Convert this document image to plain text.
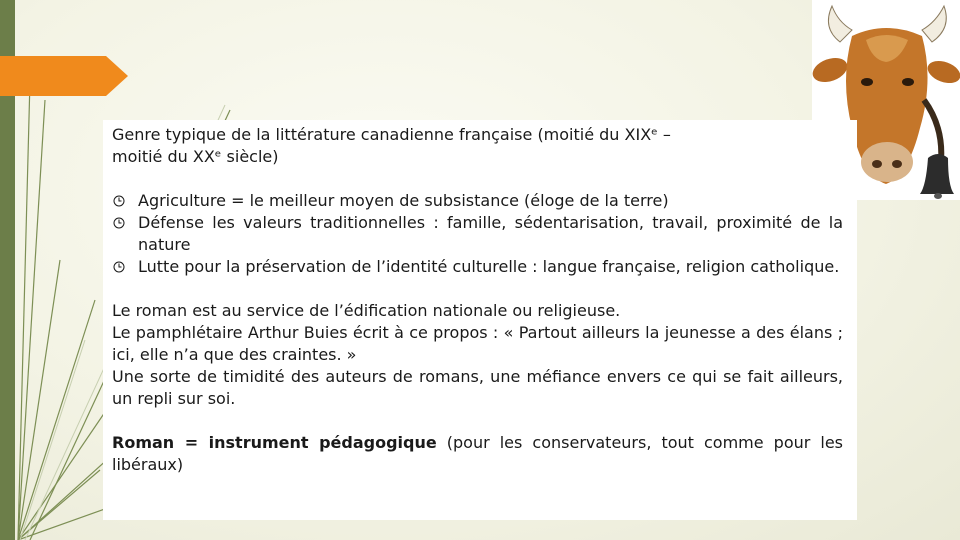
Genre typique de la littérature canadienne française (moitié du XIXᵉ –
moitié du XXᵉ siècle)

Agriculture = le meilleur moyen de subsistance (éloge de la terre)
Défense les valeurs traditionnelles : famille, sédentarisation, travail, proximité de la nature
Lutte pour la préservation de l’identité culturelle : langue française, religion catholique.

Le roman est au service de l’édification nationale ou religieuse.

Le pamphlétaire Arthur Buies écrit à ce propos : « Partout ailleurs la jeunesse a des élans ; ici, elle n’a que des craintes. »

Une sorte de timidité des auteurs de romans, une méfiance envers ce qui se fait ailleurs, un repli sur soi.

Roman = instrument pédagogique (pour les conservateurs, tout comme pour les libéraux)
